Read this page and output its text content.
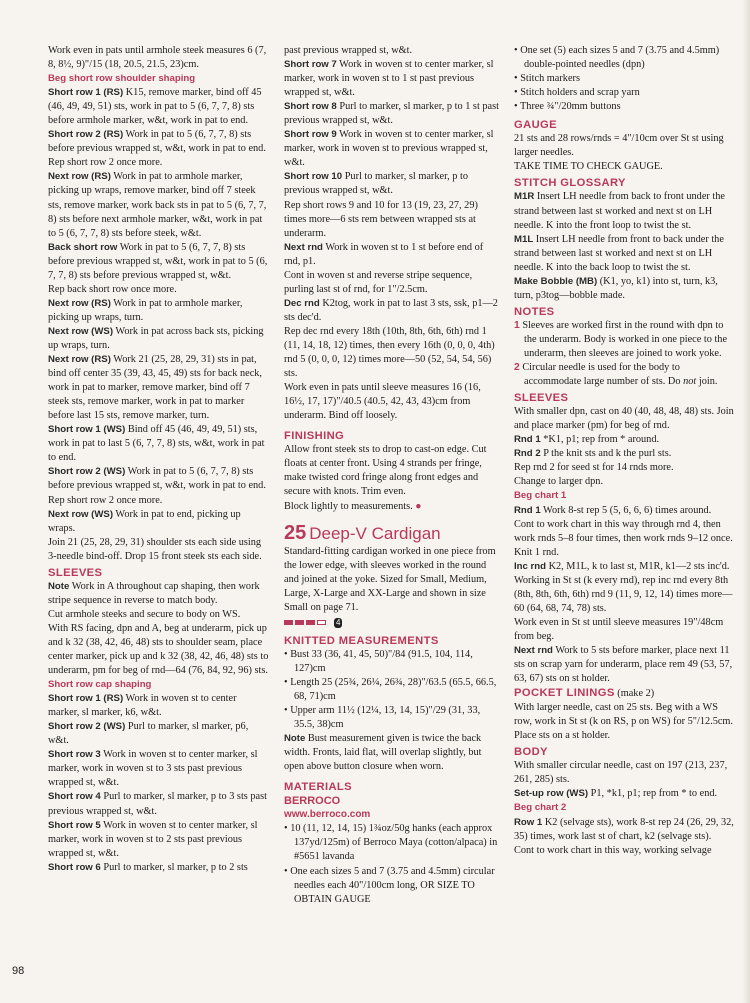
Work even in pats until armhole steek measures 6 (7, 8, 8½, 9)"/15 (18, 20.5, 21.5, 23)cm.

Beg short row shoulder shaping

Short row 1 (RS) K15, remove marker, bind off 45 (46, 49, 49, 51) sts, work in pat to 5 (6, 7, 7, 8) sts before armhole marker, w&t, work in pat to end.

Short row 2 (RS) Work in pat to 5 (6, 7, 7, 8) sts before previous wrapped st, w&t, work in pat to end.

Rep short row 2 once more.

Next row (RS) Work in pat to armhole marker, picking up wraps, remove marker, bind off 7 steek sts, remove marker, work back sts in pat to 5 (6, 7, 7, 8) sts before next armhole marker, w&t, work in pat to 5 (6, 7, 7, 8) sts before steek, w&t.

Back short row Work in pat to 5 (6, 7, 7, 8) sts before previous wrapped st, w&t, work in pat to 5 (6, 7, 7, 8) sts before previous wrapped st, w&t.

Rep back short row once more.

Next row (RS) Work in pat to armhole marker, picking up wraps, turn.

Next row (WS) Work in pat across back sts, picking up wraps, turn.

Next row (RS) Work 21 (25, 28, 29, 31) sts in pat, bind off center 35 (39, 43, 45, 49) sts for back neck, work in pat to marker, remove marker, bind off 7 steek sts, remove marker, work in pat to marker before last 15 sts, remove marker, turn.

Short row 1 (WS) Bind off 45 (46, 49, 49, 51) sts, work in pat to last 5 (6, 7, 7, 8) sts, w&t, work in pat to end.

Short row 2 (WS) Work in pat to 5 (6, 7, 7, 8) sts before previous wrapped st, w&t, work in pat to end.

Rep short row 2 once more.

Next row (WS) Work in pat to end, picking up wraps.

Join 21 (25, 28, 29, 31) shoulder sts each side using 3-needle bind-off. Drop 15 front steek sts each side.

SLEEVES

Note Work in A throughout cap shaping, then work stripe sequence in reverse to match body.

Cut armhole steeks and secure to body on WS.

With RS facing, dpn and A, beg at underarm, pick up and k 32 (38, 42, 46, 48) sts to shoulder seam, place center marker, pick up and k 32 (38, 42, 46, 48) sts to underarm, pm for beg of rnd—64 (76, 84, 92, 96) sts.

Short row cap shaping

Short row 1 (RS) Work in woven st to center marker, sl marker, k6, w&t.

Short row 2 (WS) Purl to marker, sl marker, p6, w&t.

Short row 3 Work in woven st to center marker, sl marker, work in woven st to 3 sts past previous wrapped st, w&t.

Short row 4 Purl to marker, sl marker, p to 3 sts past previous wrapped st, w&t.

Short row 5 Work in woven st to center marker, sl marker, work in woven st to 2 sts past previous wrapped st, w&t.

Short row 6 Purl to marker, sl marker, p to 2 sts

past previous wrapped st, w&t.

Short row 7 Work in woven st to center marker, sl marker, work in woven st to 1 st past previous wrapped st, w&t.

Short row 8 Purl to marker, sl marker, p to 1 st past previous wrapped st, w&t.

Short row 9 Work in woven st to center marker, sl marker, work in woven st to previous wrapped st, w&t.

Short row 10 Purl to marker, sl marker, p to previous wrapped st, w&t.

Rep short rows 9 and 10 for 13 (19, 23, 27, 29) times more—6 sts rem between wrapped sts at underarm.

Next rnd Work in woven st to 1 st before end of rnd, p1.

Cont in woven st and reverse stripe sequence, purling last st of rnd, for 1"/2.5cm.

Dec rnd K2tog, work in pat to last 3 sts, ssk, p1—2 sts dec'd.

Rep dec rnd every 18th (10th, 8th, 6th, 6th) rnd 1 (11, 14, 18, 12) times, then every 16th (0, 0, 0, 4th) rnd 5 (0, 0, 0, 12) times more—50 (52, 54, 54, 56) sts.

Work even in pats until sleeve measures 16 (16, 16½, 17, 17)"/40.5 (40.5, 42, 43, 43)cm from underarm. Bind off loosely.

FINISHING

Allow front steek sts to drop to cast-on edge. Cut floats at center front. Using 4 strands per fringe, make twisted cord fringe along front edges and secure with knots. Trim even.

Block lightly to measurements. ●

25 Deep-V Cardigan

Standard-fitting cardigan worked in one piece from the lower edge, with sleeves worked in the round and joined at the yoke. Sized for Small, Medium, Large, X-Large and XX-Large and shown in size Small on page 71.

4

KNITTED MEASUREMENTS

• Bust 33 (36, 41, 45, 50)"/84 (91.5, 104, 114, 127)cm

• Length 25 (25¾, 26¼, 26¾, 28)"/63.5 (65.5, 66.5, 68, 71)cm

• Upper arm 11½ (12¼, 13, 14, 15)"/29 (31, 33, 35.5, 38)cm

Note Bust measurement given is twice the back width. Fronts, laid flat, will overlap slightly, but open above button closure when worn.

MATERIALS

BERROCO

www.berroco.com

• 10 (11, 12, 14, 15) 1¾oz/50g hanks (each approx 137yd/125m) of Berroco Maya (cotton/alpaca) in #5651 lavanda

• One each sizes 5 and 7 (3.75 and 4.5mm) circular needles each 40"/100cm long, OR SIZE TO OBTAIN GAUGE

• One set (5) each sizes 5 and 7 (3.75 and 4.5mm) double-pointed needles (dpn)

• Stitch markers

• Stitch holders and scrap yarn

• Three ¾"/20mm buttons

GAUGE

21 sts and 28 rows/rnds = 4"/10cm over St st using larger needles.

TAKE TIME TO CHECK GAUGE.

STITCH GLOSSARY

M1R Insert LH needle from back to front under the strand between last st worked and next st on LH needle. K into the front loop to twist the st.

M1L Insert LH needle from front to back under the strand between last st worked and next st on LH needle. K into the back loop to twist the st.

Make Bobble (MB) (K1, yo, k1) into st, turn, k3, turn, p3tog—bobble made.

NOTES

1 Sleeves are worked first in the round with dpn to the underarm. Body is worked in one piece to the underarm, then sleeves are joined to work yoke.

2 Circular needle is used for the body to accommodate large number of sts. Do not join.

SLEEVES

With smaller dpn, cast on 40 (40, 48, 48, 48) sts. Join and place marker (pm) for beg of rnd.

Rnd 1 *K1, p1; rep from * around.

Rnd 2 P the knit sts and k the purl sts.

Rep rnd 2 for seed st for 14 rnds more.

Change to larger dpn.

Beg chart 1

Rnd 1 Work 8-st rep 5 (5, 6, 6, 6) times around.

Cont to work chart in this way through rnd 4, then work rnds 5–8 four times, then work rnds 9–12 once. Knit 1 rnd.

Inc rnd K2, M1L, k to last st, M1R, k1—2 sts inc'd.

Working in St st (k every rnd), rep inc rnd every 8th (8th, 8th, 6th, 6th) rnd 9 (11, 9, 12, 14) times more—60 (64, 68, 74, 78) sts.

Work even in St st until sleeve measures 19"/48cm from beg.

Next rnd Work to 5 sts before marker, place next 11 sts on scrap yarn for underarm, place rem 49 (53, 57, 63, 67) sts on st holder.

POCKET LININGS (make 2)

With larger needle, cast on 25 sts. Beg with a WS row, work in St st (k on RS, p on WS) for 5"/12.5cm. Place sts on a st holder.

BODY

With smaller circular needle, cast on 197 (213, 237, 261, 285) sts.

Set-up row (WS) P1, *k1, p1; rep from * to end.

Beg chart 2

Row 1 K2 (selvage sts), work 8-st rep 24 (26, 29, 32, 35) times, work last st of chart, k2 (selvage sts).

Cont to work chart in this way, working selvage

98
